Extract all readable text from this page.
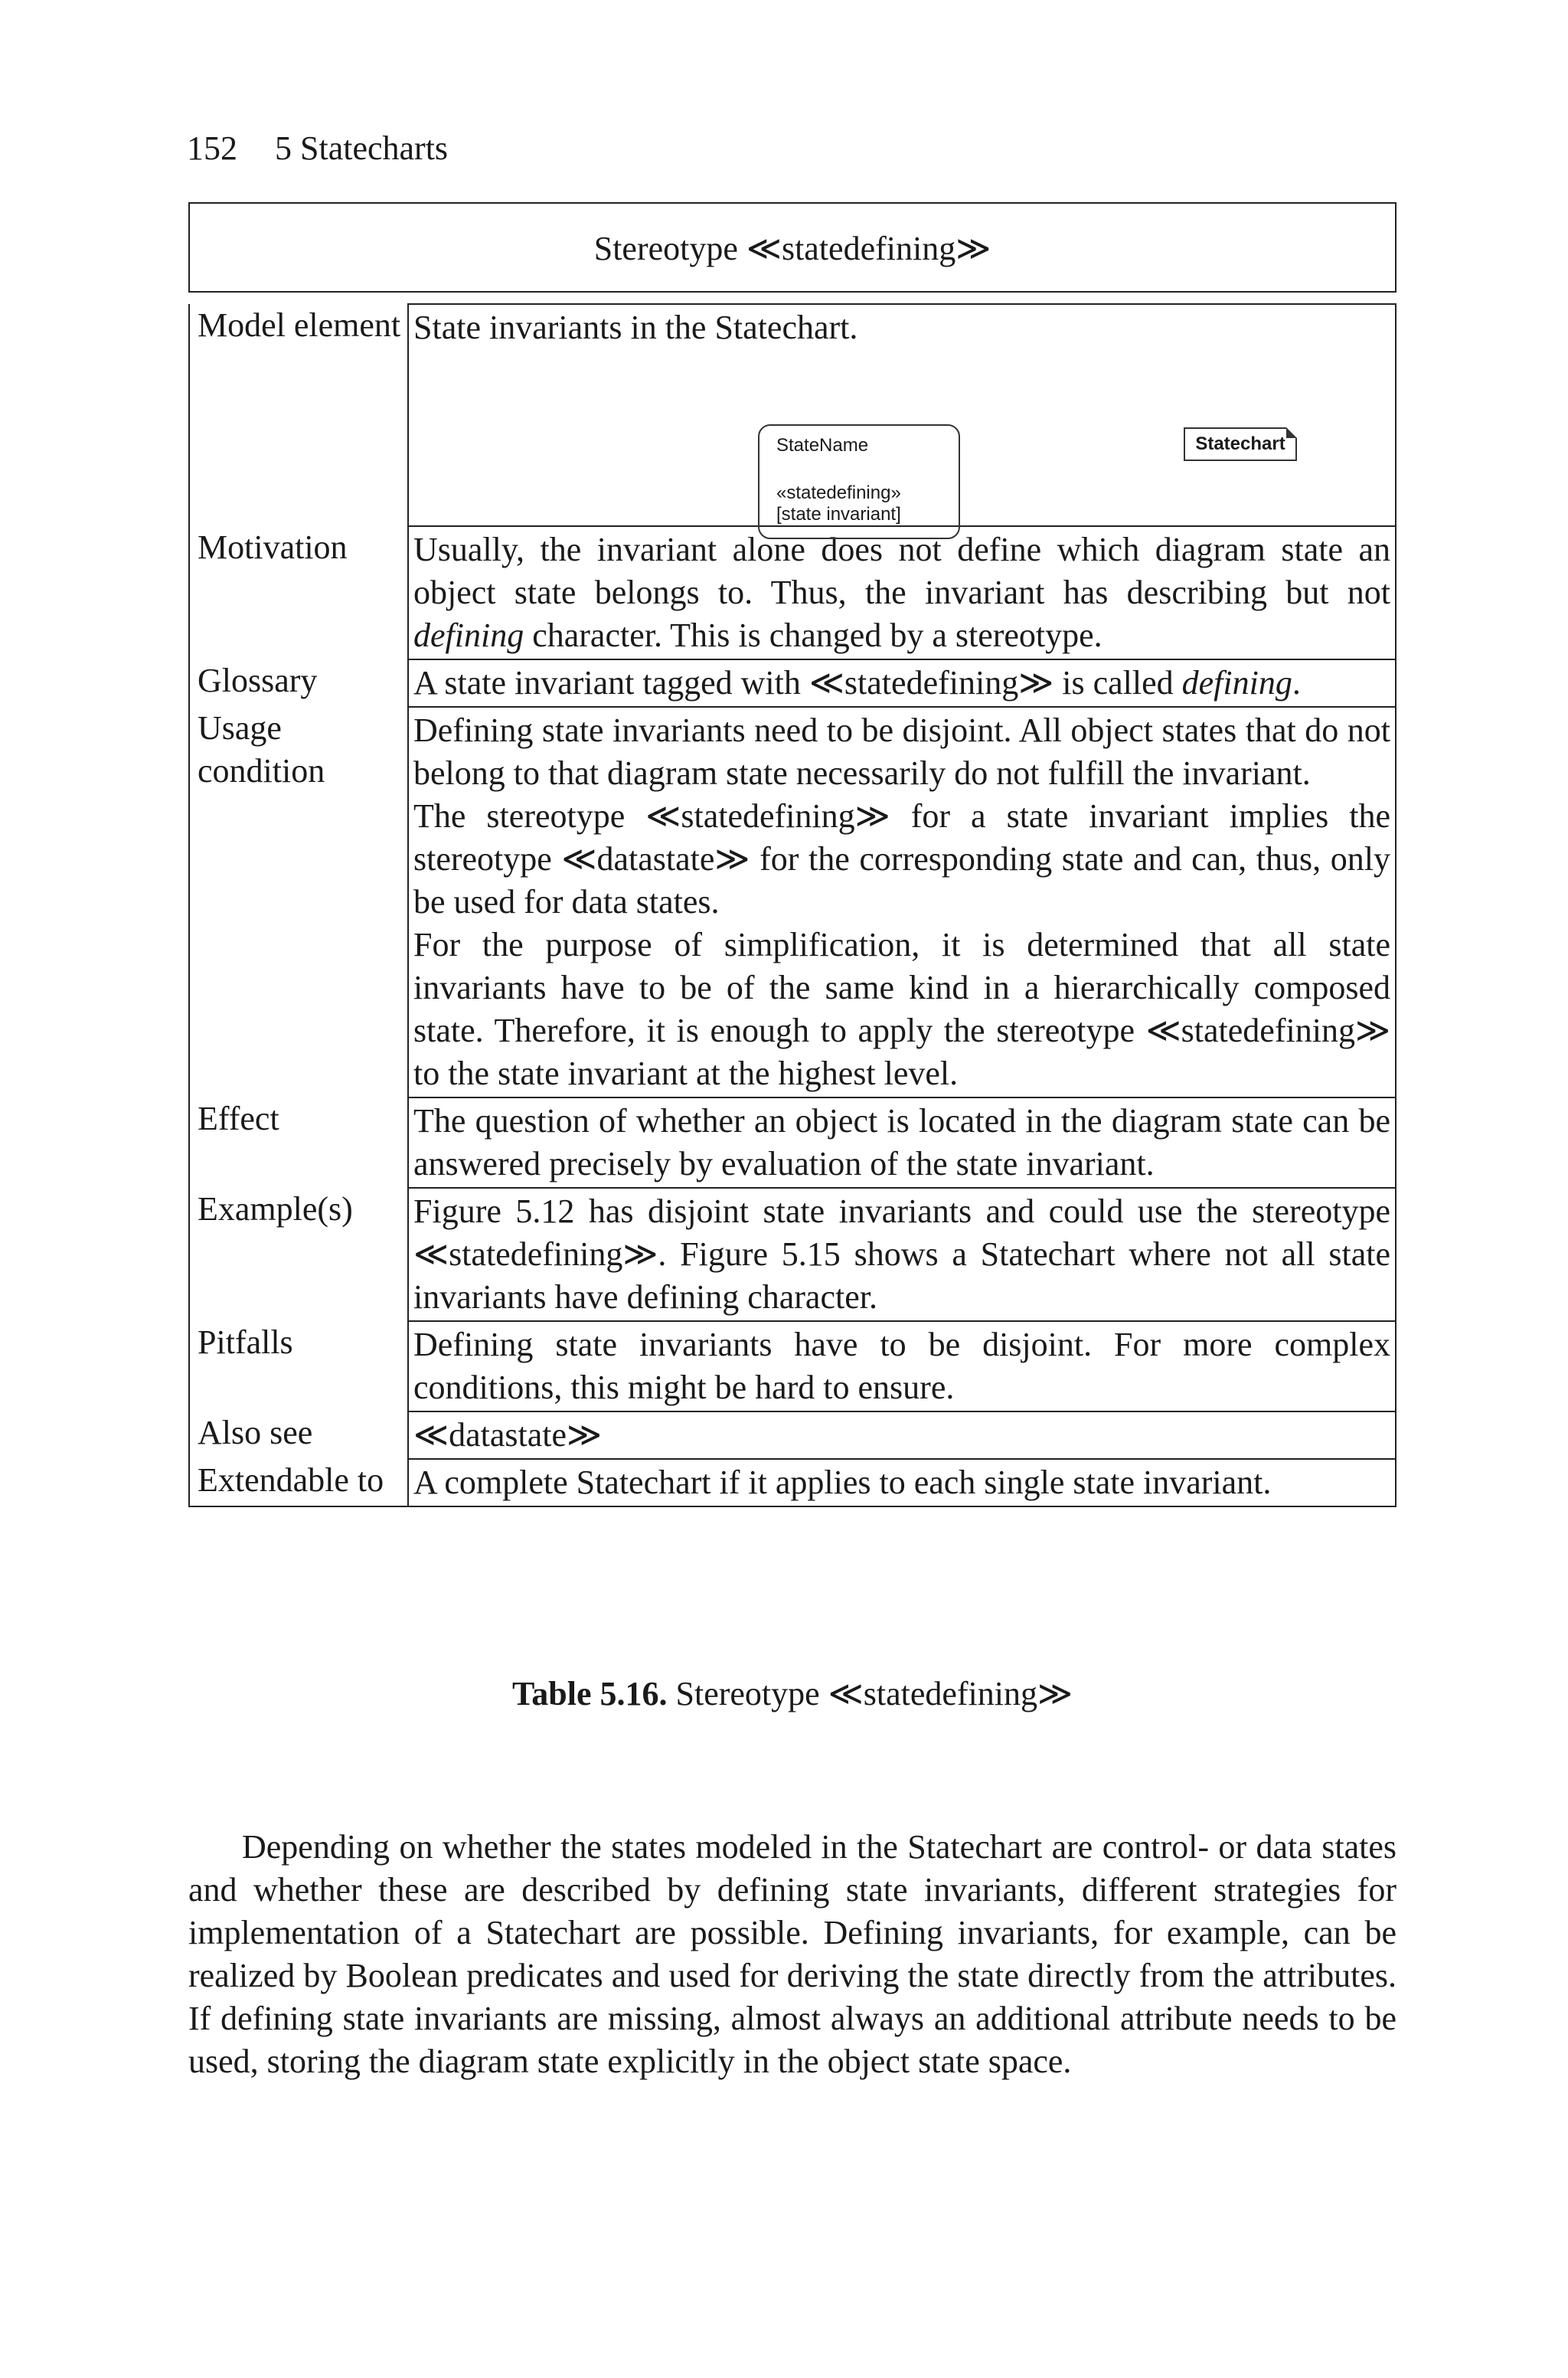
152 5 Statecharts
Stereotype ≪statedefining≫
Model element	State invariants in the Statechart.
StateName
«statedefining»
[state invariant]
Statechart

Motivation	Usually, the invariant alone does not define which diagram state an object state belongs to. Thus, the invariant has describing but not defining character. This is changed by a stereotype.
Glossary	A state invariant tagged with ≪statedefining≫ is called defining.
Usage condition	Defining state invariants need to be disjoint. All object states that do not belong to that diagram state necessarily do not fulfill the invariant.
The stereotype ≪statedefining≫ for a state invariant implies the stereotype ≪datastate≫ for the corresponding state and can, thus, only be used for data states.
For the purpose of simplification, it is determined that all state invariants have to be of the same kind in a hierarchically composed state. Therefore, it is enough to apply the stereotype ≪statedefining≫ to the state invariant at the highest level.

Effect	The question of whether an object is located in the diagram state can be answered precisely by evaluation of the state invariant.
Example(s)	Figure 5.12 has disjoint state invariants and could use the stereotype ≪statedefining≫. Figure 5.15 shows a Statechart where not all state invariants have defining character.
Pitfalls	Defining state invariants have to be disjoint. For more complex conditions, this might be hard to ensure.
Also see	≪datastate≫
Extendable to	A complete Statechart if it applies to each single state invariant.
Table 5.16. Stereotype ≪statedefining≫

Depending on whether the states modeled in the Statechart are control- or data states and whether these are described by defining state invariants, different strategies for implementation of a Statechart are possible. Defining invariants, for example, can be realized by Boolean predicates and used for deriving the state directly from the attributes. If defining state invariants are missing, almost always an additional attribute needs to be used, storing the diagram state explicitly in the object state space.
